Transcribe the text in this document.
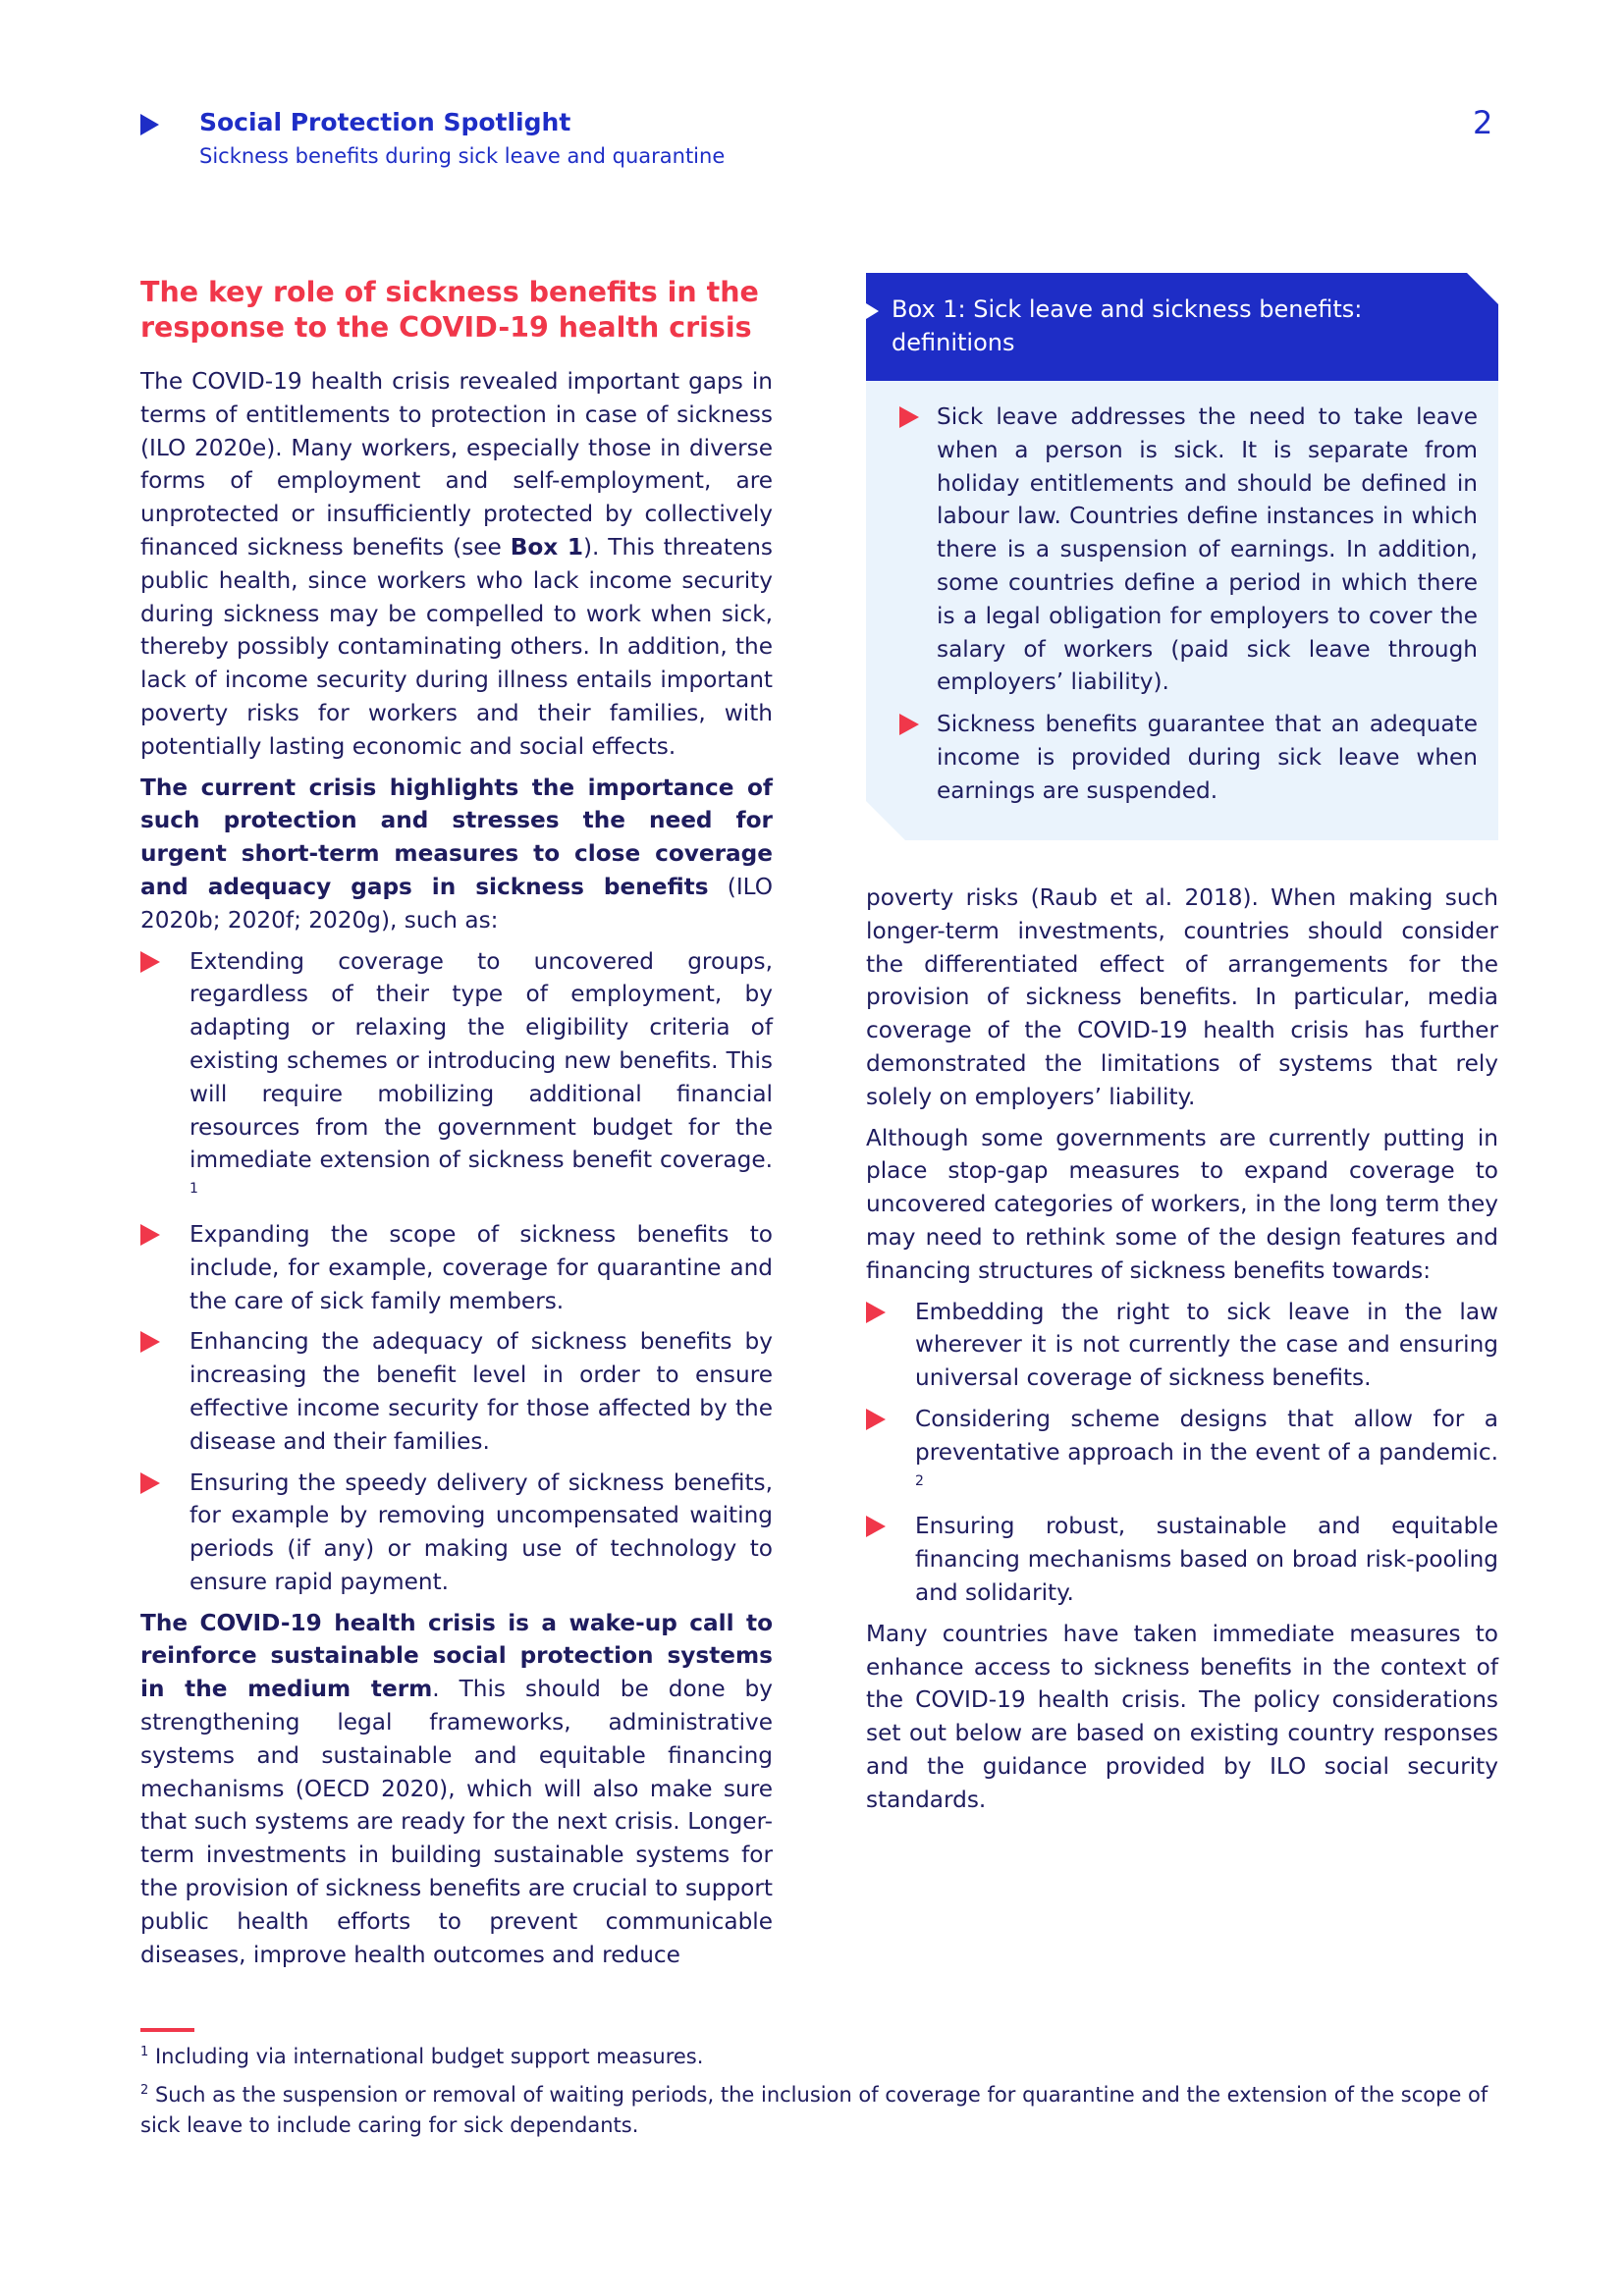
Social Protection Spotlight
Sickness benefits during sick leave and quarantine
2
The key role of sickness benefits in the response to the COVID-19 health crisis

The COVID-19 health crisis revealed important gaps in terms of entitlements to protection in case of sickness (ILO 2020e). Many workers, especially those in diverse forms of employment and self-employment, are unprotected or insufficiently protected by collectively financed sickness benefits (see Box 1). This threatens public health, since workers who lack income security during sickness may be compelled to work when sick, thereby possibly contaminating others. In addition, the lack of income security during illness entails important poverty risks for workers and their families, with potentially lasting economic and social effects.

The current crisis highlights the importance of such protection and stresses the need for urgent short-term measures to close coverage and adequacy gaps in sickness benefits (ILO 2020b; 2020f; 2020g), such as:

Extending coverage to uncovered groups, regardless of their type of employment, by adapting or relaxing the eligibility criteria of existing schemes or introducing new benefits. This will require mobilizing additional financial resources from the government budget for the immediate extension of sickness benefit coverage. $^1$

Expanding the scope of sickness benefits to include, for example, coverage for quarantine and the care of sick family members.

Enhancing the adequacy of sickness benefits by increasing the benefit level in order to ensure effective income security for those affected by the disease and their families.

Ensuring the speedy delivery of sickness benefits, for example by removing uncompensated waiting periods (if any) or making use of technology to ensure rapid payment.

The COVID-19 health crisis is a wake-up call to reinforce sustainable social protection systems in the medium term. This should be done by strengthening legal frameworks, administrative systems and sustainable and equitable financing mechanisms (OECD 2020), which will also make sure that such systems are ready for the next crisis. Longer-term investments in building sustainable systems for the provision of sickness benefits are crucial to support public health efforts to prevent communicable diseases, improve health outcomes and reduce

Box 1: Sick leave and sickness benefits: definitions

Sick leave addresses the need to take leave when a person is sick. It is separate from holiday entitlements and should be defined in labour law. Countries define instances in which there is a suspension of earnings. In addition, some countries define a period in which there is a legal obligation for employers to cover the salary of workers (paid sick leave through employers’ liability).

Sickness benefits guarantee that an adequate income is provided during sick leave when earnings are suspended.

poverty risks (Raub et al. 2018). When making such longer-term investments, countries should consider the differentiated effect of arrangements for the provision of sickness benefits. In particular, media coverage of the COVID-19 health crisis has further demonstrated the limitations of systems that rely solely on employers’ liability.

Although some governments are currently putting in place stop-gap measures to expand coverage to uncovered categories of workers, in the long term they may need to rethink some of the design features and financing structures of sickness benefits towards:

Embedding the right to sick leave in the law wherever it is not currently the case and ensuring universal coverage of sickness benefits.

Considering scheme designs that allow for a preventative approach in the event of a pandemic. $^2$

Ensuring robust, sustainable and equitable financing mechanisms based on broad risk-pooling and solidarity.

Many countries have taken immediate measures to enhance access to sickness benefits in the context of the COVID-19 health crisis. The policy considerations set out below are based on existing country responses and the guidance provided by ILO social security standards.

$^1$ Including via international budget support measures.

$^2$ Such as the suspension or removal of waiting periods, the inclusion of coverage for quarantine and the extension of the scope of sick leave to include caring for sick dependants.
